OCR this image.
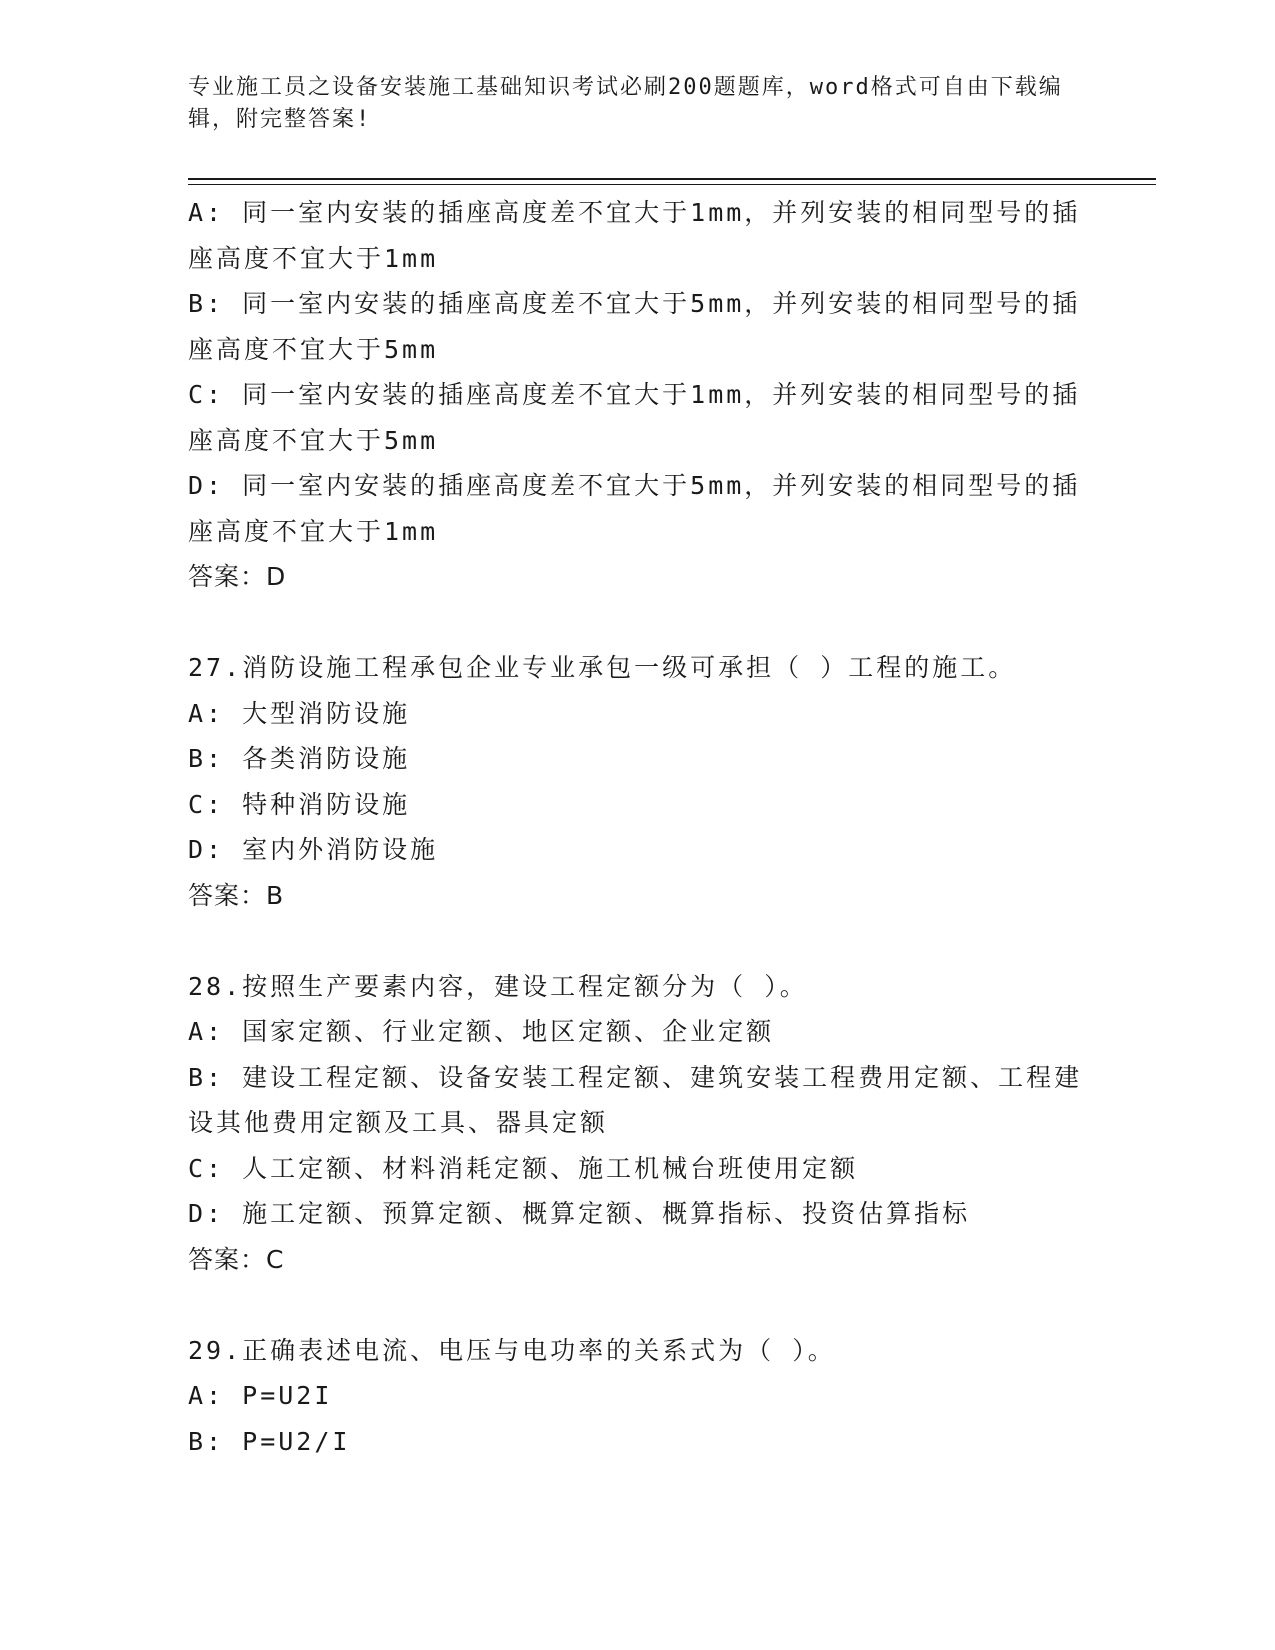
专业施工员之设备安装施工基础知识考试必刷200题题库，word格式可自由下载编辑，附完整答案!

A: 同一室内安装的插座高度差不宜大于1mm，并列安装的相同型号的插座高度不宜大于1mm

B: 同一室内安装的插座高度差不宜大于5mm，并列安装的相同型号的插座高度不宜大于5mm

C: 同一室内安装的插座高度差不宜大于1mm，并列安装的相同型号的插座高度不宜大于5mm

D: 同一室内安装的插座高度差不宜大于5mm，并列安装的相同型号的插座高度不宜大于1mm

答案：D

27.消防设施工程承包企业专业承包一级可承担（ ）工程的施工。

A: 大型消防设施

B: 各类消防设施

C: 特种消防设施

D: 室内外消防设施

答案：B

28.按照生产要素内容，建设工程定额分为（ ）。

A: 国家定额、行业定额、地区定额、企业定额

B: 建设工程定额、设备安装工程定额、建筑安装工程费用定额、工程建设其他费用定额及工具、器具定额

C: 人工定额、材料消耗定额、施工机械台班使用定额

D: 施工定额、预算定额、概算定额、概算指标、投资估算指标

答案：C

29.正确表述电流、电压与电功率的关系式为（ ）。

A: P=U2I

B: P=U2/I
